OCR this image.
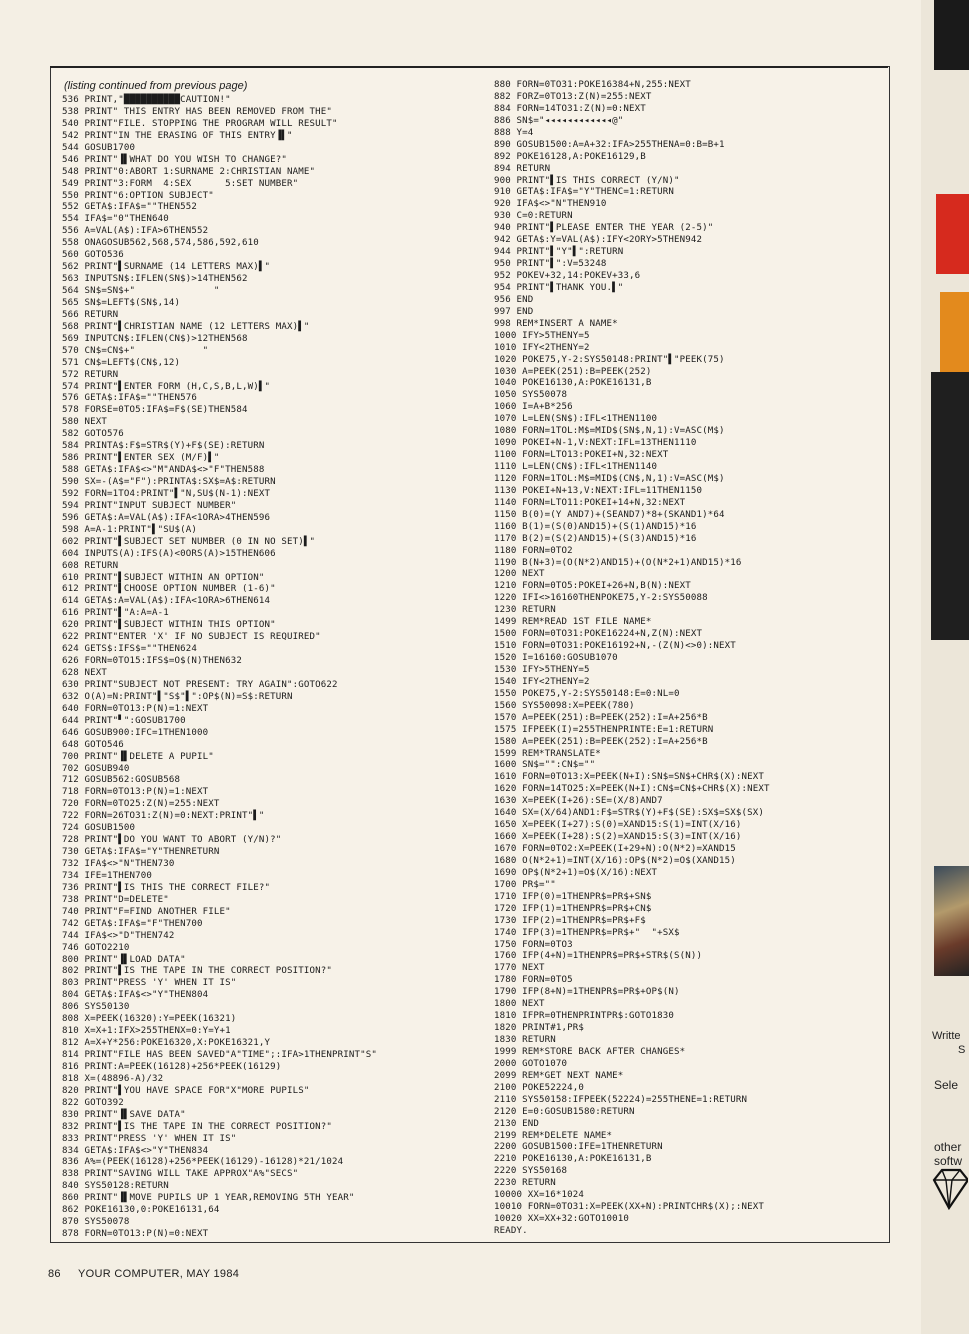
Writte
S
Sele
other
softw
(listing continued from previous page)
536 PRINT,"██████████CAUTION!"
538 PRINT" THIS ENTRY HAS BEEN REMOVED FROM THE"
540 PRINT"FILE. STOPPING THE PROGRAM WILL RESULT"
542 PRINT"IN THE ERASING OF THIS ENTRY▐▌"
544 GOSUB1700
546 PRINT"▐▌WHAT DO YOU WISH TO CHANGE?"
548 PRINT"0:ABORT 1:SURNAME 2:CHRISTIAN NAME"
549 PRINT"3:FORM  4:SEX      5:SET NUMBER"
550 PRINT"6:OPTION SUBJECT"
552 GETA$:IFA$=""THEN552
554 IFA$="0"THEN640
556 A=VAL(A$):IFA>6THEN552
558 ONAGOSUB562,568,574,586,592,610
560 GOTO536
562 PRINT"▌SURNAME (14 LETTERS MAX)▌"
563 INPUTSN$:IFLEN(SN$)>14THEN562
564 SN$=SN$+"              "
565 SN$=LEFT$(SN$,14)
566 RETURN
568 PRINT"▌CHRISTIAN NAME (12 LETTERS MAX)▌"
569 INPUTCN$:IFLEN(CN$)>12THEN568
570 CN$=CN$+"            "
571 CN$=LEFT$(CN$,12)
572 RETURN
574 PRINT"▌ENTER FORM (H,C,S,B,L,W)▌"
576 GETA$:IFA$=""THEN576
578 FORSE=0TO5:IFA$=F$(SE)THEN584
580 NEXT
582 GOTO576
584 PRINTA$:F$=STR$(Y)+F$(SE):RETURN
586 PRINT"▌ENTER SEX (M/F)▌"
588 GETA$:IFA$<>"M"ANDA$<>"F"THEN588
590 SX=-(A$="F"):PRINTA$:SX$=A$:RETURN
592 FORN=1TO4:PRINT"▌"N,SU$(N-1):NEXT
594 PRINT"INPUT SUBJECT NUMBER"
596 GETA$:A=VAL(A$):IFA<1ORA>4THEN596
598 A=A-1:PRINT"▌"SU$(A)
602 PRINT"▌SUBJECT SET NUMBER (0 IN NO SET)▌"
604 INPUTS(A):IFS(A)<0ORS(A)>15THEN606
608 RETURN
610 PRINT"▌SUBJECT WITHIN AN OPTION"
612 PRINT"▌CHOOSE OPTION NUMBER (1-6)"
614 GETA$:A=VAL(A$):IFA<1ORA>6THEN614
616 PRINT"▌"A:A=A-1
620 PRINT"▌SUBJECT WITHIN THIS OPTION"
622 PRINT"ENTER 'X' IF NO SUBJECT IS REQUIRED"
624 GETS$:IFS$=""THEN624
626 FORN=0TO15:IFS$=O$(N)THEN632
628 NEXT
630 PRINT"SUBJECT NOT PRESENT: TRY AGAIN":GOTO622
632 O(A)=N:PRINT"▌"S$"▌":OP$(N)=S$:RETURN
640 FORN=0TO13:P(N)=1:NEXT
644 PRINT"▘":GOSUB1700
646 GOSUB900:IFC=1THEN1000
648 GOTO546
700 PRINT"▐▌DELETE A PUPIL"
702 GOSUB940
712 GOSUB562:GOSUB568
718 FORN=0TO13:P(N)=1:NEXT
720 FORN=0TO25:Z(N)=255:NEXT
722 FORN=26TO31:Z(N)=0:NEXT:PRINT"▌"
724 GOSUB1500
728 PRINT"▌DO YOU WANT TO ABORT (Y/N)?"
730 GETA$:IFA$="Y"THENRETURN
732 IFA$<>"N"THEN730
734 IFE=1THEN700
736 PRINT"▌IS THIS THE CORRECT FILE?"
738 PRINT"D=DELETE"
740 PRINT"F=FIND ANOTHER FILE"
742 GETA$:IFA$="F"THEN700
744 IFA$<>"D"THEN742
746 GOTO2210
800 PRINT"▐▌LOAD DATA"
802 PRINT"▌IS THE TAPE IN THE CORRECT POSITION?"
803 PRINT"PRESS 'Y' WHEN IT IS"
804 GETA$:IFA$<>"Y"THEN804
806 SYS50130
808 X=PEEK(16320):Y=PEEK(16321)
810 X=X+1:IFX>255THENX=0:Y=Y+1
812 A=X+Y*256:POKE16320,X:POKE16321,Y
814 PRINT"FILE HAS BEEN SAVED"A"TIME";:IFA>1THENPRINT"S"
816 PRINT:A=PEEK(16128)+256*PEEK(16129)
818 X=(48896-A)/32
820 PRINT"▌YOU HAVE SPACE FOR"X"MORE PUPILS"
822 GOTO392
830 PRINT"▐▌SAVE DATA"
832 PRINT"▌IS THE TAPE IN THE CORRECT POSITION?"
833 PRINT"PRESS 'Y' WHEN IT IS"
834 GETA$:IFA$<>"Y"THEN834
836 A%=(PEEK(16128)+256*PEEK(16129)-16128)*21/1024
838 PRINT"SAVING WILL TAKE APPROX"A%"SECS"
840 SYS50128:RETURN
860 PRINT"▐▌MOVE PUPILS UP 1 YEAR,REMOVING 5TH YEAR"
862 POKE16130,0:POKE16131,64
870 SYS50078
878 FORN=0TO13:P(N)=0:NEXT
880 FORN=0TO31:POKE16384+N,255:NEXT
882 FORZ=0TO13:Z(N)=255:NEXT
884 FORN=14TO31:Z(N)=0:NEXT
886 SN$="◂◂◂◂◂◂◂◂◂◂◂◂@"
888 Y=4
890 GOSUB1500:A=A+32:IFA>255THENA=0:B=B+1
892 POKE16128,A:POKE16129,B
894 RETURN
900 PRINT"▌IS THIS CORRECT (Y/N)"
910 GETA$:IFA$="Y"THENC=1:RETURN
920 IFA$<>"N"THEN910
930 C=0:RETURN
940 PRINT"▌PLEASE ENTER THE YEAR (2-5)"
942 GETA$:Y=VAL(A$):IFY<2ORY>5THEN942
944 PRINT"▌"Y"▌":RETURN
950 PRINT"▌":V=53248
952 POKEV+32,14:POKEV+33,6
954 PRINT"▌THANK YOU.▌"
956 END
997 END
998 REM*INSERT A NAME*
1000 IFY>5THENY=5
1010 IFY<2THENY=2
1020 POKE75,Y-2:SYS50148:PRINT"▌"PEEK(75)
1030 A=PEEK(251):B=PEEK(252)
1040 POKE16130,A:POKE16131,B
1050 SYS50078
1060 I=A+B*256
1070 L=LEN(SN$):IFL<1THEN1100
1080 FORN=1TOL:M$=MID$(SN$,N,1):V=ASC(M$)
1090 POKEI+N-1,V:NEXT:IFL=13THEN1110
1100 FORN=LTO13:POKEI+N,32:NEXT
1110 L=LEN(CN$):IFL<1THEN1140
1120 FORN=1TOL:M$=MID$(CN$,N,1):V=ASC(M$)
1130 POKEI+N+13,V:NEXT:IFL=11THEN1150
1140 FORN=LTO11:POKEI+14+N,32:NEXT
1150 B(0)=(Y AND7)+(SEAND7)*8+(SKAND1)*64
1160 B(1)=(S(0)AND15)+(S(1)AND15)*16
1170 B(2)=(S(2)AND15)+(S(3)AND15)*16
1180 FORN=0TO2
1190 B(N+3)=(O(N*2)AND15)+(O(N*2+1)AND15)*16
1200 NEXT
1210 FORN=0TO5:POKEI+26+N,B(N):NEXT
1220 IFI<>16160THENPOKE75,Y-2:SYS50088
1230 RETURN
1499 REM*READ 1ST FILE NAME*
1500 FORN=0TO31:POKE16224+N,Z(N):NEXT
1510 FORN=0TO31:POKE16192+N,-(Z(N)<>0):NEXT
1520 I=16160:GOSUB1070
1530 IFY>5THENY=5
1540 IFY<2THENY=2
1550 POKE75,Y-2:SYS50148:E=0:NL=0
1560 SYS50098:X=PEEK(780)
1570 A=PEEK(251):B=PEEK(252):I=A+256*B
1575 IFPEEK(I)=255THENPRINTE:E=1:RETURN
1580 A=PEEK(251):B=PEEK(252):I=A+256*B
1599 REM*TRANSLATE*
1600 SN$="":CN$=""
1610 FORN=0TO13:X=PEEK(N+I):SN$=SN$+CHR$(X):NEXT
1620 FORN=14TO25:X=PEEK(N+I):CN$=CN$+CHR$(X):NEXT
1630 X=PEEK(I+26):SE=(X/8)AND7
1640 SX=(X/64)AND1:F$=STR$(Y)+F$(SE):SX$=SX$(SX)
1650 X=PEEK(I+27):S(0)=XAND15:S(1)=INT(X/16)
1660 X=PEEK(I+28):S(2)=XAND15:S(3)=INT(X/16)
1670 FORN=0TO2:X=PEEK(I+29+N):O(N*2)=XAND15
1680 O(N*2+1)=INT(X/16):OP$(N*2)=O$(XAND15)
1690 OP$(N*2+1)=O$(X/16):NEXT
1700 PR$=""
1710 IFP(0)=1THENPR$=PR$+SN$
1720 IFP(1)=1THENPR$=PR$+CN$
1730 IFP(2)=1THENPR$=PR$+F$
1740 IFP(3)=1THENPR$=PR$+"  "+SX$
1750 FORN=0TO3
1760 IFP(4+N)=1THENPR$=PR$+STR$(S(N))
1770 NEXT
1780 FORN=0TO5
1790 IFP(8+N)=1THENPR$=PR$+OP$(N)
1800 NEXT
1810 IFPR=0THENPRINTPR$:GOTO1830
1820 PRINT#1,PR$
1830 RETURN
1999 REM*STORE BACK AFTER CHANGES*
2000 GOTO1070
2099 REM*GET NEXT NAME*
2100 POKE52224,0
2110 SYS50158:IFPEEK(52224)=255THENE=1:RETURN
2120 E=0:GOSUB1580:RETURN
2130 END
2199 REM*DELETE NAME*
2200 GOSUB1500:IFE=1THENRETURN
2210 POKE16130,A:POKE16131,B
2220 SYS50168
2230 RETURN
10000 XX=16*1024
10010 FORN=0TO31:X=PEEK(XX+N):PRINTCHR$(X);:NEXT
10020 XX=XX+32:GOTO10010
READY.
86 YOUR COMPUTER, MAY 1984
